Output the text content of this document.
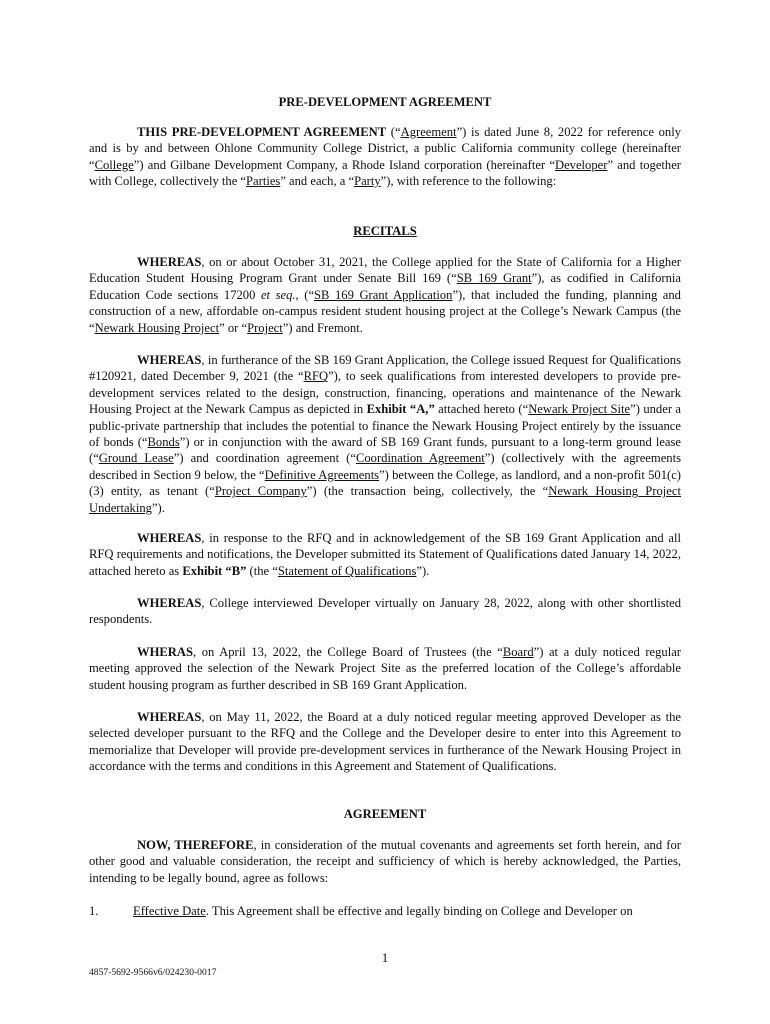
PRE-DEVELOPMENT AGREEMENT

THIS PRE-DEVELOPMENT AGREEMENT (“Agreement”) is dated June 8, 2022 for reference only and is by and between Ohlone Community College District, a public California community college (hereinafter “College”) and Gilbane Development Company, a Rhode Island corporation (hereinafter “Developer” and together with College, collectively the “Parties” and each, a “Party”), with reference to the following:

RECITALS

WHEREAS, on or about October 31, 2021, the College applied for the State of California for a Higher Education Student Housing Program Grant under Senate Bill 169 (“SB 169 Grant”), as codified in California Education Code sections 17200 et seq., (“SB 169 Grant Application”), that included the funding, planning and construction of a new, affordable on-campus resident student housing project at the College’s Newark Campus (the “Newark Housing Project” or “Project”) and Fremont.

WHEREAS, in furtherance of the SB 169 Grant Application, the College issued Request for Qualifications #120921, dated December 9, 2021 (the “RFQ”), to seek qualifications from interested developers to provide pre-development services related to the design, construction, financing, operations and maintenance of the Newark Housing Project at the Newark Campus as depicted in Exhibit “A,” attached hereto (“Newark Project Site”) under a public-private partnership that includes the potential to finance the Newark Housing Project entirely by the issuance of bonds (“Bonds”) or in conjunction with the award of SB 169 Grant funds, pursuant to a long-term ground lease (“Ground Lease”) and coordination agreement (“Coordination Agreement”) (collectively with the agreements described in Section 9 below, the “Definitive Agreements”) between the College, as landlord, and a non-profit 501(c)(3) entity, as tenant (“Project Company”) (the transaction being, collectively, the “Newark Housing Project Undertaking”).

WHEREAS, in response to the RFQ and in acknowledgement of the SB 169 Grant Application and all RFQ requirements and notifications, the Developer submitted its Statement of Qualifications dated January 14, 2022, attached hereto as Exhibit “B” (the “Statement of Qualifications”).

WHEREAS, College interviewed Developer virtually on January 28, 2022, along with other shortlisted respondents.

WHERAS, on April 13, 2022, the College Board of Trustees (the “Board”) at a duly noticed regular meeting approved the selection of the Newark Project Site as the preferred location of the College’s affordable student housing program as further described in SB 169 Grant Application.

WHEREAS, on May 11, 2022, the Board at a duly noticed regular meeting approved Developer as the selected developer pursuant to the RFQ and the College and the Developer desire to enter into this Agreement to memorialize that Developer will provide pre-development services in furtherance of the Newark Housing Project in accordance with the terms and conditions in this Agreement and Statement of Qualifications.

AGREEMENT

NOW, THEREFORE, in consideration of the mutual covenants and agreements set forth herein, and for other good and valuable consideration, the receipt and sufficiency of which is hereby acknowledged, the Parties, intending to be legally bound, agree as follows:

1.	Effective Date. This Agreement shall be effective and legally binding on College and Developer on
1
4857-5692-9566v6/024230-0017
